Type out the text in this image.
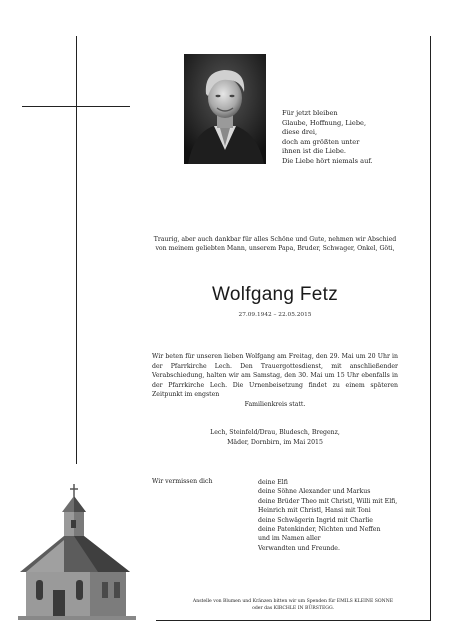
Für jetzt bleiben
Glaube, Hoffnung, Liebe,
diese drei,
doch am größten unter
ihnen ist die Liebe.
Die Liebe hört niemals auf.
Traurig, aber auch dankbar für alles Schöne und Gute, nehmen wir Abschied
von meinem geliebten Mann, unserem Papa, Bruder, Schwager, Onkel, Göti,
Wolfgang Fetz
27.09.1942 – 22.05.2015
Wir beten für unseren lieben Wolfgang am Freitag, den 29. Mai um 20 Uhr in der Pfarrkirche Lech. Den Trauergottesdienst, mit anschließender Verabschiedung, halten wir am Samstag, den 30. Mai um 15 Uhr ebenfalls in der Pfarrkirche Lech. Die Urnenbeisetzung findet zu einem späteren Zeitpunkt im engsten
Familienkreis statt.
Lech, Steinfeld/Drau, Bludesch, Bregenz,
Mäder, Dornbirn, im Mai 2015
Wir vermissen dich	deine Elfi
deine Söhne Alexander und Markus
deine Brüder Theo mit Christl, Willi mit Elfi,
Heinrich mit Christl, Hansi mit Toni
deine Schwägerin Ingrid mit Charlie
deine Patenkinder, Nichten und Neffen
und im Namen aller
Verwandten und Freunde.
Anstelle von Blumen und Kränzen bitten wir um Spenden für EMILS KLEINE SONNE
oder das KIRCHLE IN BÜRSTEGG.
